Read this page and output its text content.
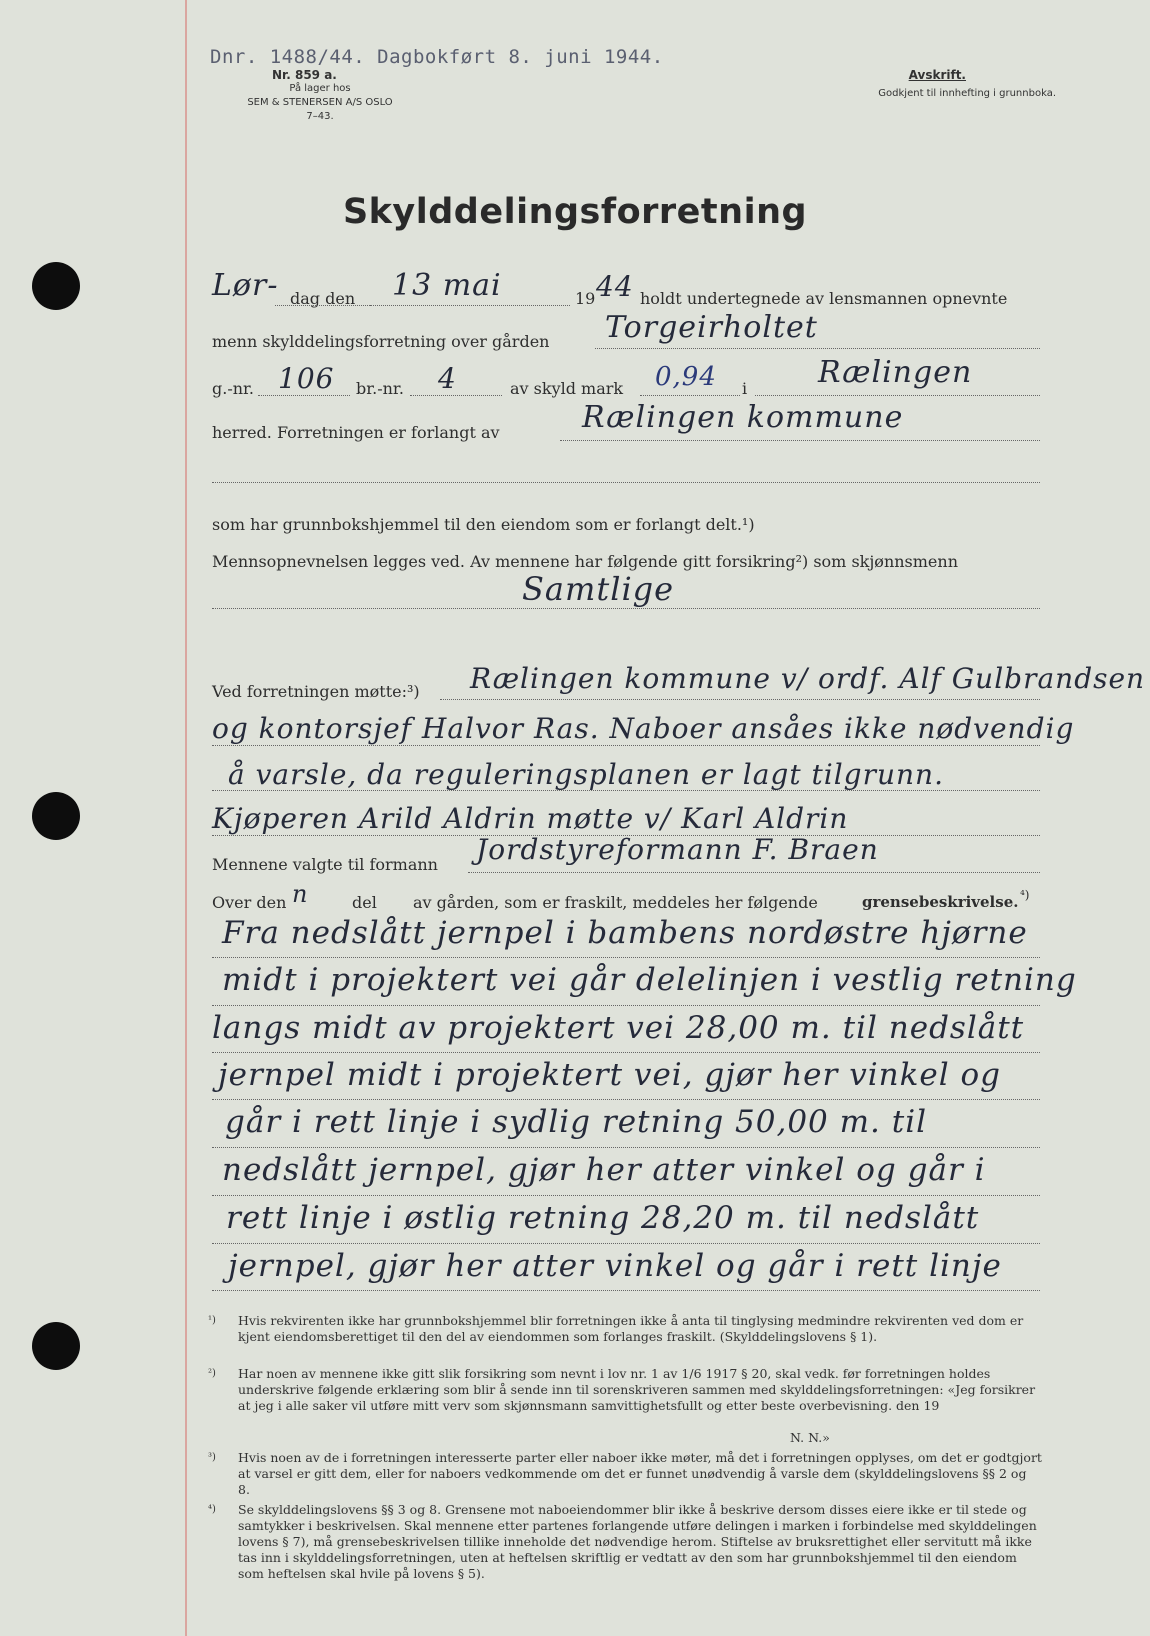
Dnr. 1488/44. Dagbokført 8. juni 1944.
Nr. 859 a.
På lager hos
SEM & STENERSEN A/S OSLO
7–43.
Avskrift.
Godkjent til innhefting i grunnboka.
Skylddelingsforretning
Lør- dag den 13 mai	19 44 holdt undertegnede av lensmannen opnevnte
menn skylddelingsforretning over gården Torgeirholtet
g.-nr. 106 br.-nr. 4	av skyld mark 0,94 i Rælingen
herred. Forretningen er forlangt av	Rælingen kommune
som har grunnbokshjemmel til den eiendom som er forlangt delt.¹)
Mennsopnevnelsen legges ved. Av mennene har følgende gitt forsikring²) som skjønnsmenn
Samtlige
Ved forretningen møtte:³) Rælingen kommune v/ ordf. Alf Gulbrandsen
og kontorsjef Halvor Ras. Naboer ansåes ikke nødvendig
å varsle, da reguleringsplanen er lagt tilgrunn.
Kjøperen Arild Aldrin møtte v/ Karl Aldrin
Mennene valgte til formann Jordstyreformann F. Braen
Over den n	del av gården, som er fraskilt, meddeles her følgende	grensebeskrivelse. ⁴)
Fra nedslått jernpel i bambens nordøstre hjørne
midt i projektert vei går delelinjen i vestlig retning
langs midt av projektert vei 28,00 m. til nedslått
jernpel midt i projektert vei, gjør her vinkel og
går i rett linje i sydlig retning 50,00 m. til
nedslått jernpel, gjør her atter vinkel og går i
rett linje i østlig retning 28,20 m. til nedslått
jernpel, gjør her atter vinkel og går i rett linje
¹) Hvis rekvirenten ikke har grunnbokshjemmel blir forretningen ikke å anta til tinglysing medmindre rekvirenten ved dom er kjent eiendomsberettiget til den del av eiendommen som forlanges fraskilt. (Skylddelingslovens § 1).
²) Har noen av mennene ikke gitt slik forsikring som nevnt i lov nr. 1 av 1/6 1917 § 20, skal vedk. før forretningen holdes underskrive følgende erklæring som blir å sende inn til sorenskriveren sammen med skylddelingsforretningen: «Jeg forsikrer at jeg i alle saker vil utføre mitt verv som skjønnsmann samvittighetsfullt og etter beste overbevisning. den 19
N. N.»
³) Hvis noen av de i forretningen interesserte parter eller naboer ikke møter, må det i forretningen opplyses, om det er godtgjort at varsel er gitt dem, eller for naboers vedkommende om det er funnet unødvendig å varsle dem (skylddelingslovens §§ 2 og 8.
⁴) Se skylddelingslovens §§ 3 og 8. Grensene mot naboeiendommer blir ikke å beskrive dersom disses eiere ikke er til stede og samtykker i beskrivelsen. Skal mennene etter partenes forlangende utføre delingen i marken i forbindelse med skylddelingen lovens § 7), må grensebeskrivelsen tillike inneholde det nødvendige herom. Stiftelse av bruksrettighet eller servitutt må ikke tas inn i skylddelingsforretningen, uten at heftelsen skriftlig er vedtatt av den som har grunnbokshjemmel til den eiendom som heftelsen skal hvile på lovens § 5).
